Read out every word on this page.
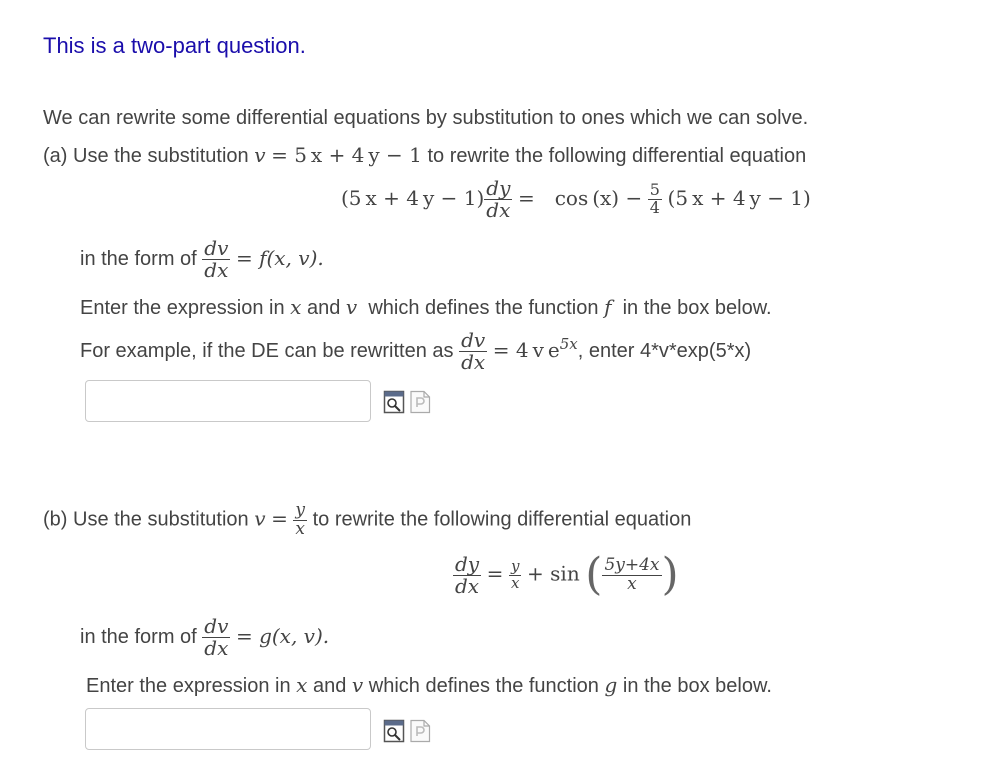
This is a two-part question.
We can rewrite some differential equations by substitution to ones which we can solve.
(a) Use the substitution v = 5 x + 4 y − 1 to rewrite the following differential equation
(5 x + 4 $y - 1) \frac{dy}{dx}$ = $\cos (x) - \frac{5}{4} (5$ x + 4 y − 1)
in the form of $\frac{dv}{dx} = f(x$, v).
Enter the expression in x and v which defines the function f in the box below.
For example, if the DE can be rewritten as $\frac{dv}{dx} = 4$ v $e^{5x}$, enter 4*v*exp(5*x)
(b) Use the substitution $v = \frac{y}{x}$ to rewrite the following differential equation
$\frac{dy}{dx} = \frac{y}{x} + \sin$ ( $\frac{5y+4x}{x}$ )
in the form of $\frac{dv}{dx} = g(x$, v).
Enter the expression in x and v which defines the function g in the box below.
